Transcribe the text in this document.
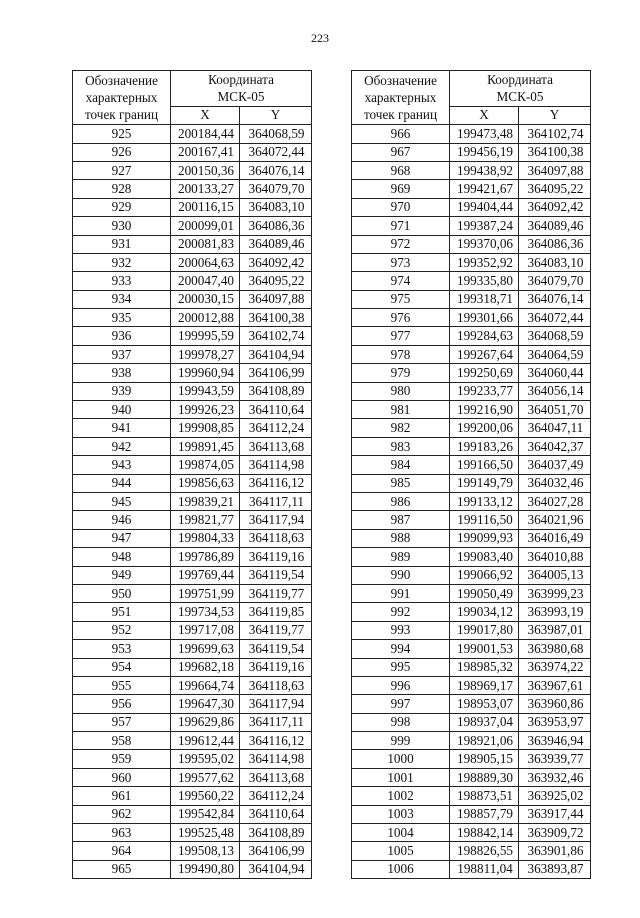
223
Обозначение
характерных
точек границ	Координата	
	МСК-05	
	X	Y
925	200184,44	364068,59
926	200167,41	364072,44
927	200150,36	364076,14
928	200133,27	364079,70
929	200116,15	364083,10
930	200099,01	364086,36
931	200081,83	364089,46
932	200064,63	364092,42
933	200047,40	364095,22
934	200030,15	364097,88
935	200012,88	364100,38
936	199995,59	364102,74
937	199978,27	364104,94
938	199960,94	364106,99
939	199943,59	364108,89
940	199926,23	364110,64
941	199908,85	364112,24
942	199891,45	364113,68
943	199874,05	364114,98
944	199856,63	364116,12
945	199839,21	364117,11
946	199821,77	364117,94
947	199804,33	364118,63
948	199786,89	364119,16
949	199769,44	364119,54
950	199751,99	364119,77
951	199734,53	364119,85
952	199717,08	364119,77
953	199699,63	364119,54
954	199682,18	364119,16
955	199664,74	364118,63
956	199647,30	364117,94
957	199629,86	364117,11
958	199612,44	364116,12
959	199595,02	364114,98
960	199577,62	364113,68
961	199560,22	364112,24
962	199542,84	364110,64
963	199525,48	364108,89
964	199508,13	364106,99
965	199490,80	364104,94
Обозначение
характерных
точек границ	Координата	
	МСК-05	
	X	Y
966	199473,48	364102,74
967	199456,19	364100,38
968	199438,92	364097,88
969	199421,67	364095,22
970	199404,44	364092,42
971	199387,24	364089,46
972	199370,06	364086,36
973	199352,92	364083,10
974	199335,80	364079,70
975	199318,71	364076,14
976	199301,66	364072,44
977	199284,63	364068,59
978	199267,64	364064,59
979	199250,69	364060,44
980	199233,77	364056,14
981	199216,90	364051,70
982	199200,06	364047,11
983	199183,26	364042,37
984	199166,50	364037,49
985	199149,79	364032,46
986	199133,12	364027,28
987	199116,50	364021,96
988	199099,93	364016,49
989	199083,40	364010,88
990	199066,92	364005,13
991	199050,49	363999,23
992	199034,12	363993,19
993	199017,80	363987,01
994	199001,53	363980,68
995	198985,32	363974,22
996	198969,17	363967,61
997	198953,07	363960,86
998	198937,04	363953,97
999	198921,06	363946,94
1000	198905,15	363939,77
1001	198889,30	363932,46
1002	198873,51	363925,02
1003	198857,79	363917,44
1004	198842,14	363909,72
1005	198826,55	363901,86
1006	198811,04	363893,87
